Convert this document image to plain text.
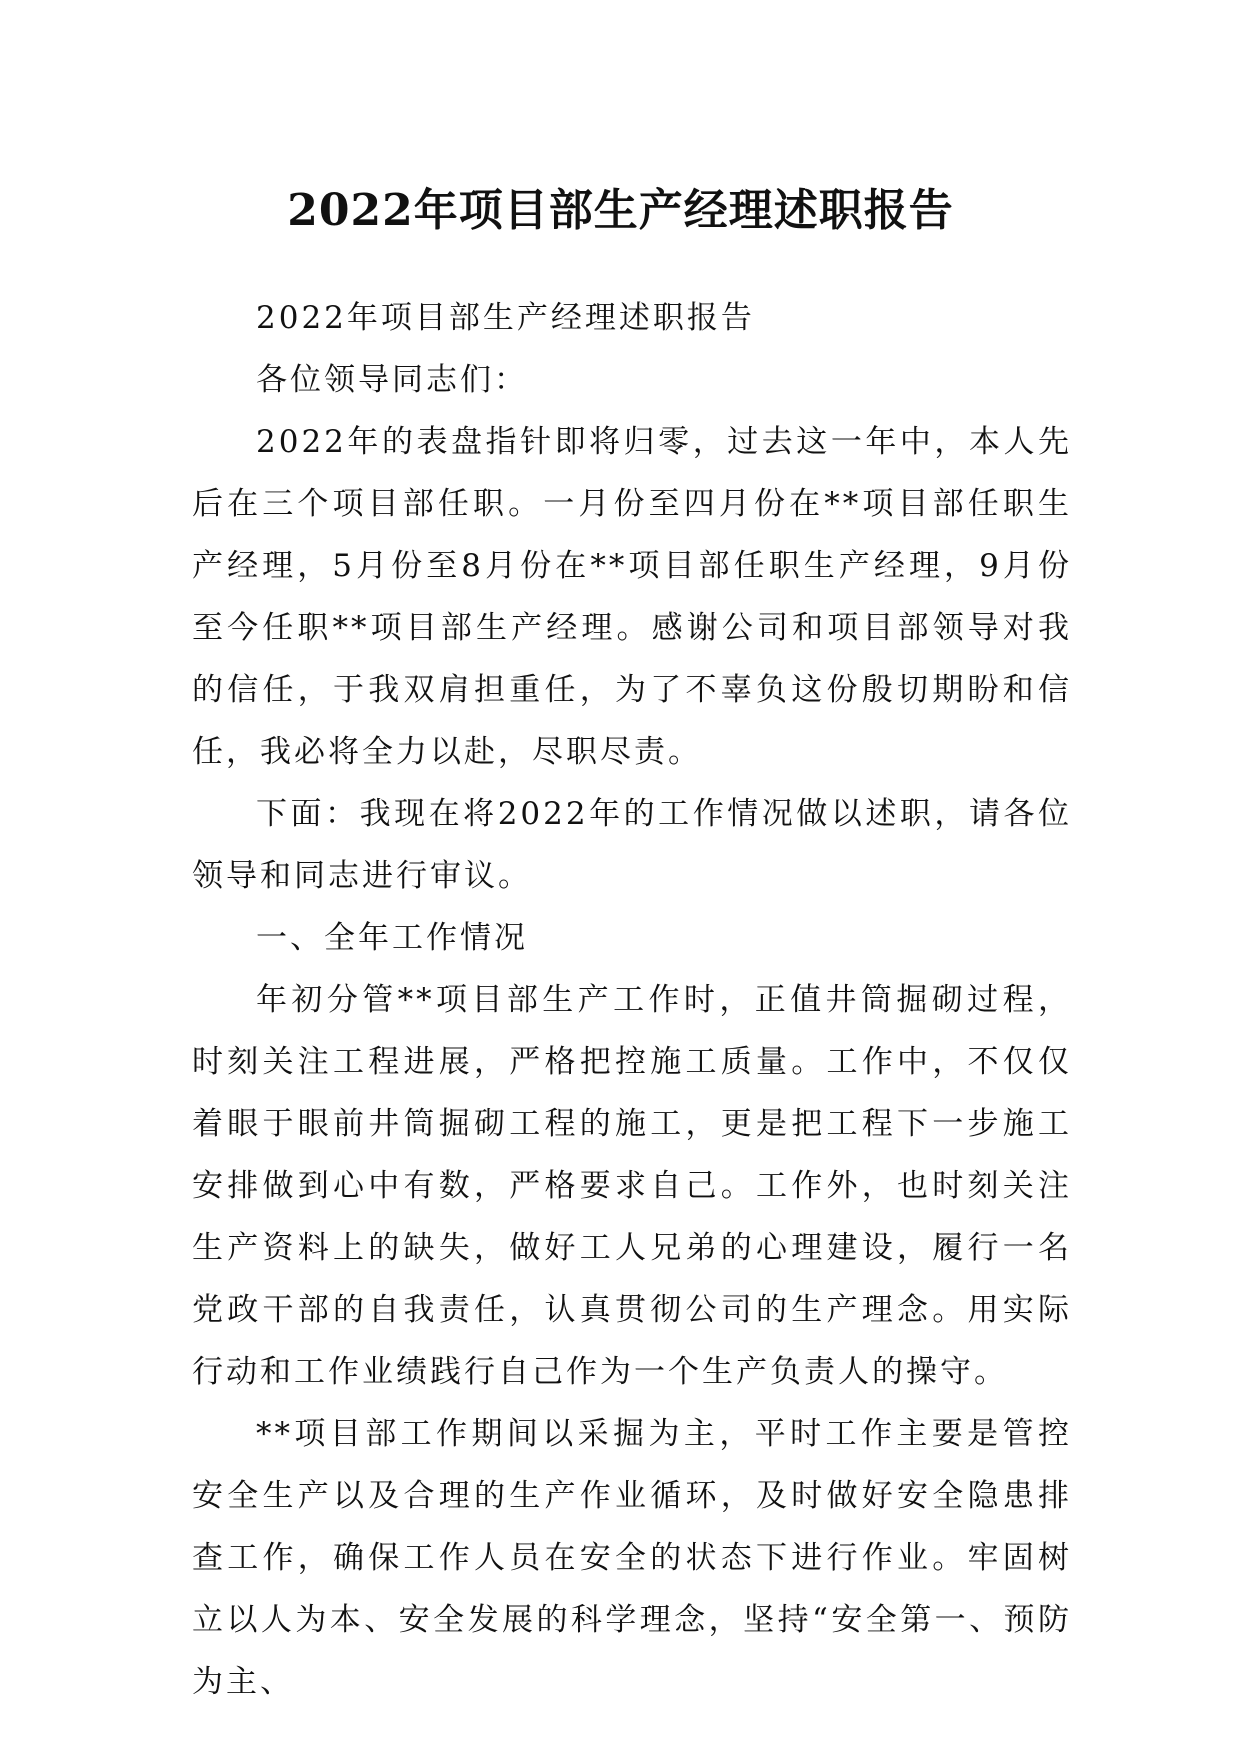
2022年项目部生产经理述职报告

2022年项目部生产经理述职报告

各位领导同志们：

2022年的表盘指针即将归零，过去这一年中，本人先后在三个项目部任职。一月份至四月份在**项目部任职生产经理，5月份至8月份在**项目部任职生产经理，9月份至今任职**项目部生产经理。感谢公司和项目部领导对我的信任，于我双肩担重任，为了不辜负这份殷切期盼和信任，我必将全力以赴，尽职尽责。

下面：我现在将2022年的工作情况做以述职，请各位领导和同志进行审议。

一、全年工作情况

年初分管**项目部生产工作时，正值井筒掘砌过程，时刻关注工程进展，严格把控施工质量。工作中，不仅仅着眼于眼前井筒掘砌工程的施工，更是把工程下一步施工安排做到心中有数，严格要求自己。工作外，也时刻关注生产资料上的缺失，做好工人兄弟的心理建设，履行一名党政干部的自我责任，认真贯彻公司的生产理念。用实际行动和工作业绩践行自己作为一个生产负责人的操守。

**项目部工作期间以采掘为主，平时工作主要是管控安全生产以及合理的生产作业循环，及时做好安全隐患排查工作，确保工作人员在安全的状态下进行作业。牢固树立以人为本、安全发展的科学理念，坚持“安全第一、预防为主、
